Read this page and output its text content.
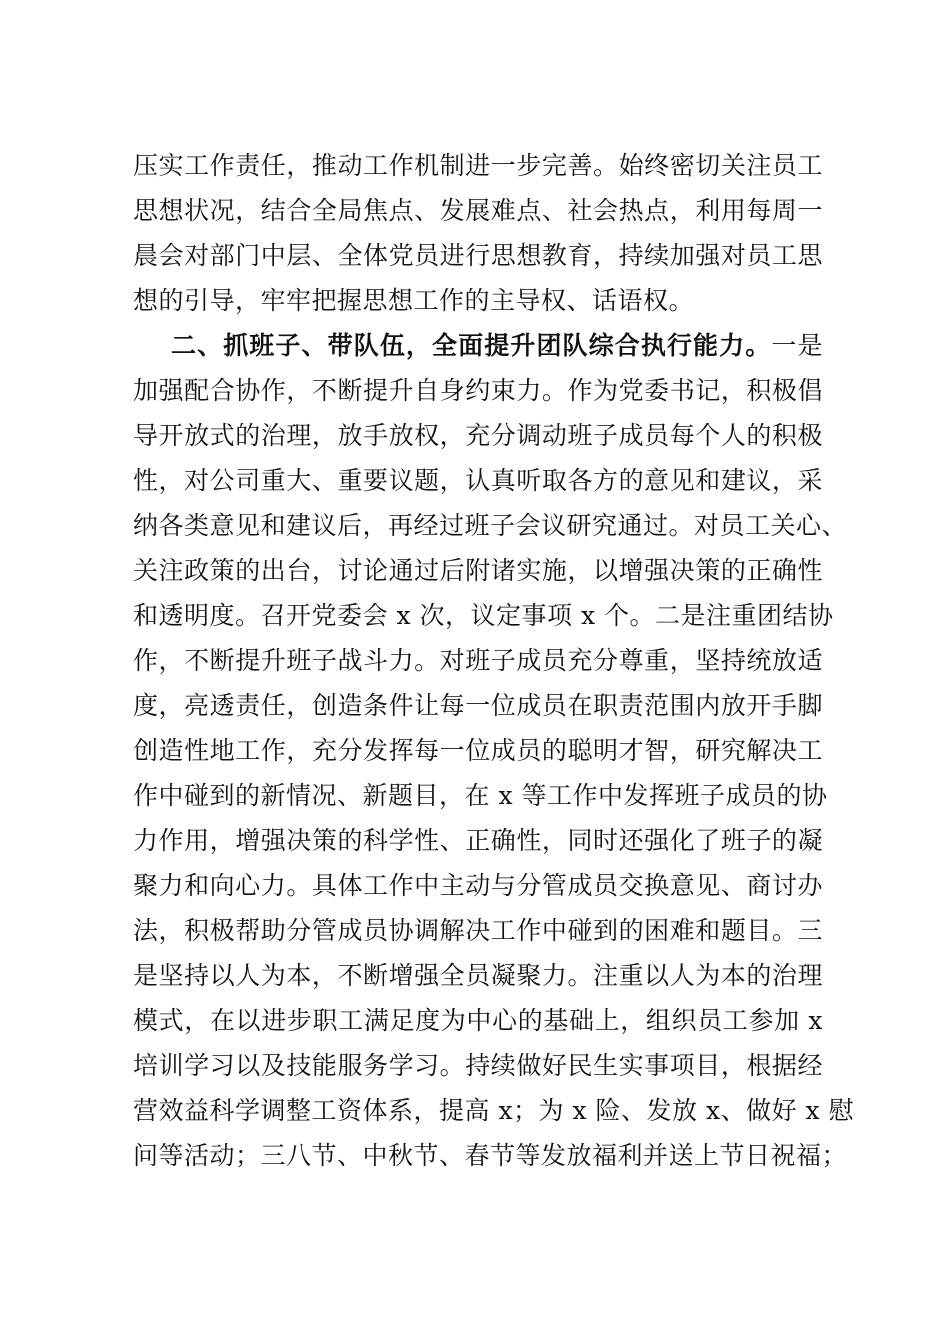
压实工作责任，推动工作机制进一步完善。始终密切关注员工
思想状况，结合全局焦点、发展难点、社会热点，利用每周一
晨会对部门中层、全体党员进行思想教育，持续加强对员工思
想的引导，牢牢把握思想工作的主导权、话语权。
二、抓班子、带队伍，全面提升团队综合执行能力。一是
加强配合协作，不断提升自身约束力。作为党委书记，积极倡
导开放式的治理，放手放权，充分调动班子成员每个人的积极
性，对公司重大、重要议题，认真听取各方的意见和建议，采
纳各类意见和建议后，再经过班子会议研究通过。对员工关心、
关注政策的出台，讨论通过后附诸实施，以增强决策的正确性
和透明度。召开党委会 x 次，议定事项 x 个。二是注重团结协
作，不断提升班子战斗力。对班子成员充分尊重，坚持统放适
度，亮透责任，创造条件让每一位成员在职责范围内放开手脚
创造性地工作，充分发挥每一位成员的聪明才智，研究解决工
作中碰到的新情况、新题目，在 x 等工作中发挥班子成员的协
力作用，增强决策的科学性、正确性，同时还强化了班子的凝
聚力和向心力。具体工作中主动与分管成员交换意见、商讨办
法，积极帮助分管成员协调解决工作中碰到的困难和题目。三
是坚持以人为本，不断增强全员凝聚力。注重以人为本的治理
模式，在以进步职工满足度为中心的基础上，组织员工参加 x
培训学习以及技能服务学习。持续做好民生实事项目，根据经
营效益科学调整工资体系，提高 x；为 x 险、发放 x、做好 x 慰
问等活动；三八节、中秋节、春节等发放福利并送上节日祝福；
